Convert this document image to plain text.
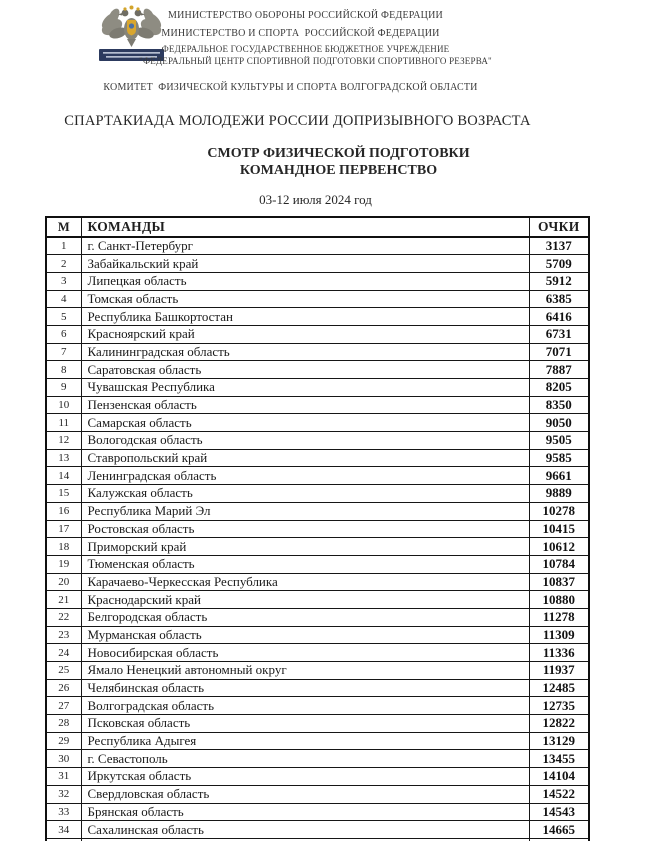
МИНИСТЕРСТВО ОБОРОНЫ РОССИЙСКОЙ ФЕДЕРАЦИИ
МИНИСТЕРСТВО И СПОРТА  РОССИЙСКОЙ ФЕДЕРАЦИИ
ФЕДЕРАЛЬНОЕ ГОСУДАРСТВЕННОЕ БЮДЖЕТНОЕ УЧРЕЖДЕНИЕ
"ФЕДЕРАЛЬНЫЙ ЦЕНТР СПОРТИВНОЙ ПОДГОТОВКИ СПОРТИВНОГО РЕЗЕРВА"
КОМИТЕТ  ФИЗИЧЕСКОЙ КУЛЬТУРЫ И СПОРТА ВОЛГОГРАДСКОЙ ОБЛАСТИ
СПАРТАКИАДА МОЛОДЕЖИ РОССИИ ДОПРИЗЫВНОГО ВОЗРАСТА
СМОТР ФИЗИЧЕСКОЙ ПОДГОТОВКИ
КОМАНДНОЕ ПЕРВЕНСТВО
03-12 июля 2024 год
М	КОМАНДЫ	ОЧКИ
1	г. Санкт-Петербург	3137
2	Забайкальский край	5709
3	Липецкая область	5912
4	Томская область	6385
5	Республика Башкортостан	6416
6	Красноярский край	6731
7	Калининградская область	7071
8	Саратовская область	7887
9	Чувашская Республика	8205
10	Пензенская область	8350
11	Самарская область	9050
12	Вологодская область	9505
13	Ставропольский край	9585
14	Ленинградская область	9661
15	Калужская область	9889
16	Республика Марий Эл	10278
17	Ростовская область	10415
18	Приморский край	10612
19	Тюменская область	10784
20	Карачаево-Черкесская Республика	10837
21	Краснодарский край	10880
22	Белгородская область	11278
23	Мурманская область	11309
24	Новосибирская область	11336
25	Ямало Ненецкий автономный округ	11937
26	Челябинская область	12485
27	Волгоградская область	12735
28	Псковская область	12822
29	Республика Адыгея	13129
30	г. Севастополь	13455
31	Иркутская область	14104
32	Свердловская область	14522
33	Брянская область	14543
34	Сахалинская область	14665
